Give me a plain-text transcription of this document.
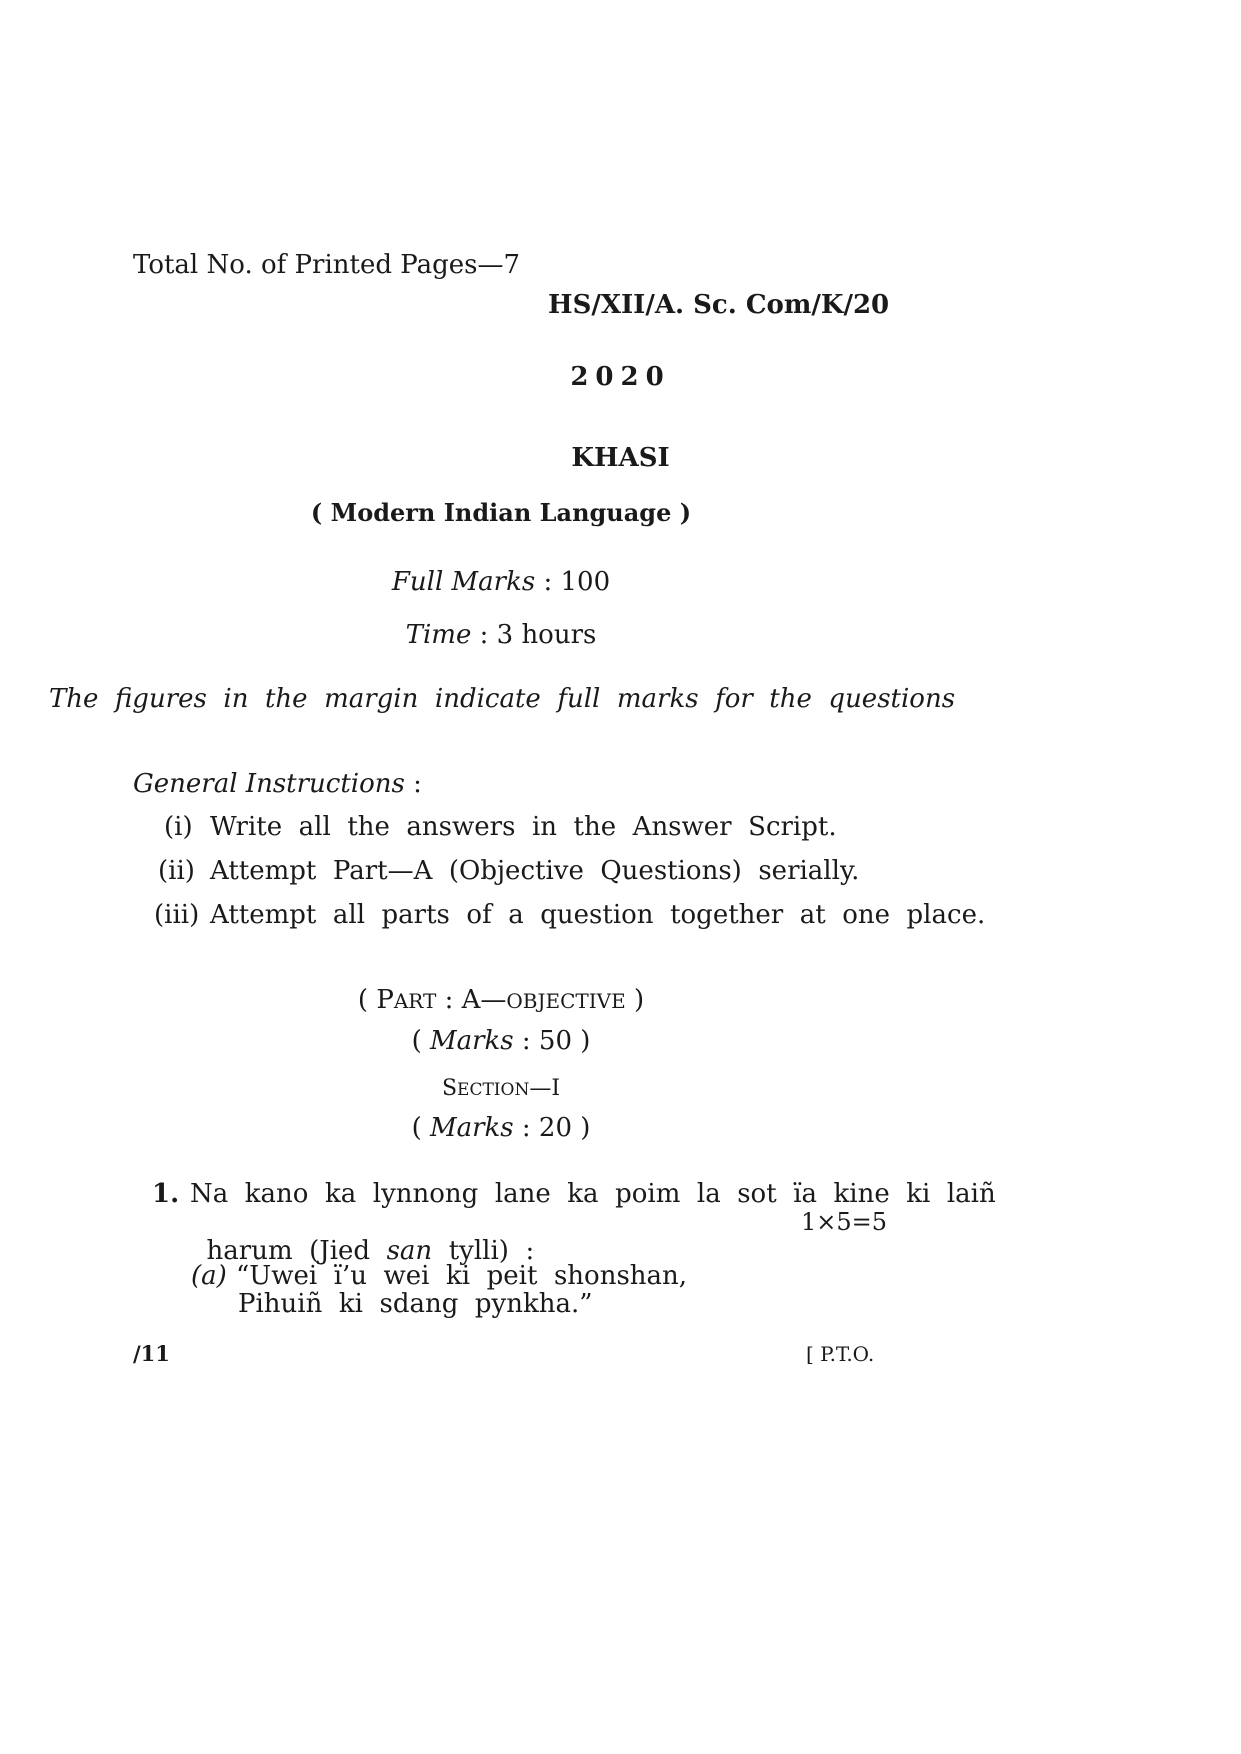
Total No. of Printed Pages—7
HS/XII/A. Sc. Com/K/20
2020
KHASI
( Modern Indian Language )
Full Marks : 100
Time : 3 hours
The  figures  in  the  margin  indicate  full  marks  for  the  questions
General Instructions :
(i) Write  all  the  answers  in  the  Answer  Script.
(ii) Attempt  Part—A  (Objective  Questions)  serially.
(iii) Attempt  all  parts  of  a  question  together  at  one  place.
( PART : A—OBJECTIVE )
( Marks : 50 )
SECTION—I
( Marks : 20 )
1. Na  kano  ka  lynnong  lane  ka  poim  la  sot  ïa  kine  ki  laiñ

harum  (Jied  san  tylli)  :

1×5=5
(a) “Uwei  ï’u  wei  ki  peit  shonshan,
Pihuiñ  ki  sdang  pynkha.”
/11	[ P.T.O.
